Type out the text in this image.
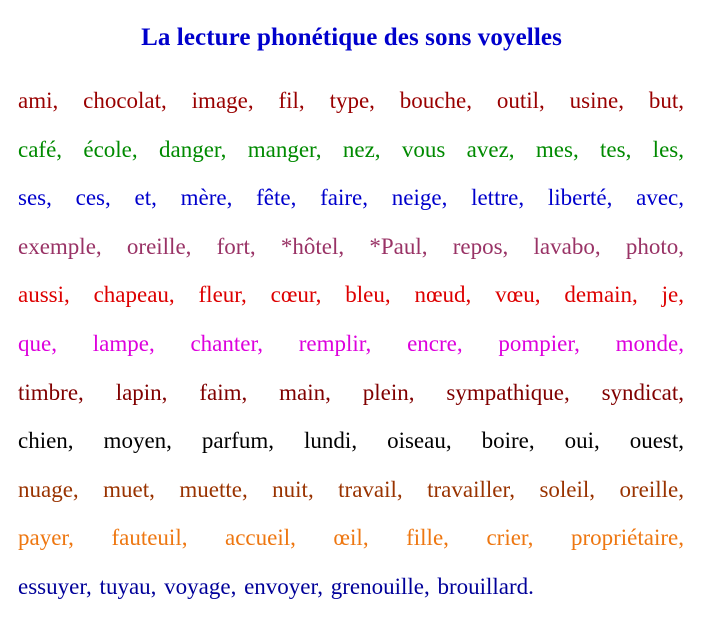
La lecture phonétique des sons voyelles
ami, chocolat, image, fil, type, bouche, outil, usine, but,
café, école, danger, manger, nez, vous avez, mes, tes, les,
ses, ces, et, mère, fête, faire, neige, lettre, liberté, avec,
exemple, oreille, fort, *hôtel, *Paul, repos, lavabo, photo,
aussi, chapeau, fleur, cœur, bleu, nœud, vœu, demain, je,
que, lampe, chanter, remplir, encre, pompier, monde,
timbre, lapin, faim, main, plein, sympathique, syndicat,
chien, moyen, parfum, lundi, oiseau, boire, oui, ouest,
nuage, muet, muette, nuit, travail, travailler, soleil, oreille,
payer, fauteuil, accueil, œil, fille, crier, propriétaire,
essuyer, tuyau, voyage, envoyer, grenouille, brouillard.
